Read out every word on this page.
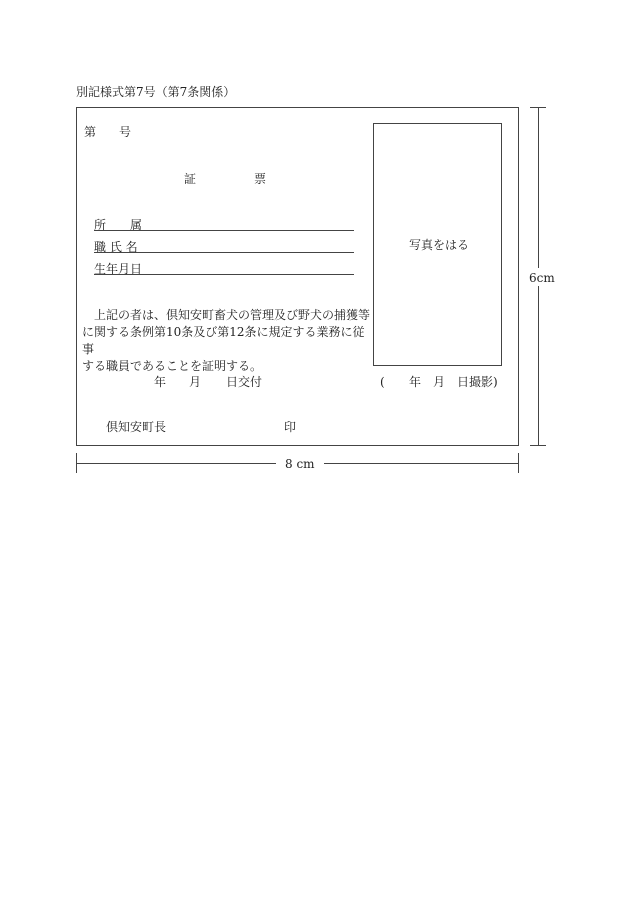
別記様式第7号（第7条関係）
第 号
証	票
所　　属
職 氏 名
生年月日
上記の者は、倶知安町畜犬の管理及び野犬の捕獲等
に関する条例第10条及び第12条に規定する業務に従事
する職員であることを証明する。
年 月 日交付
写真をはる
( 年 月 日撮影)
倶知安町長	印
6cm
8 cm
